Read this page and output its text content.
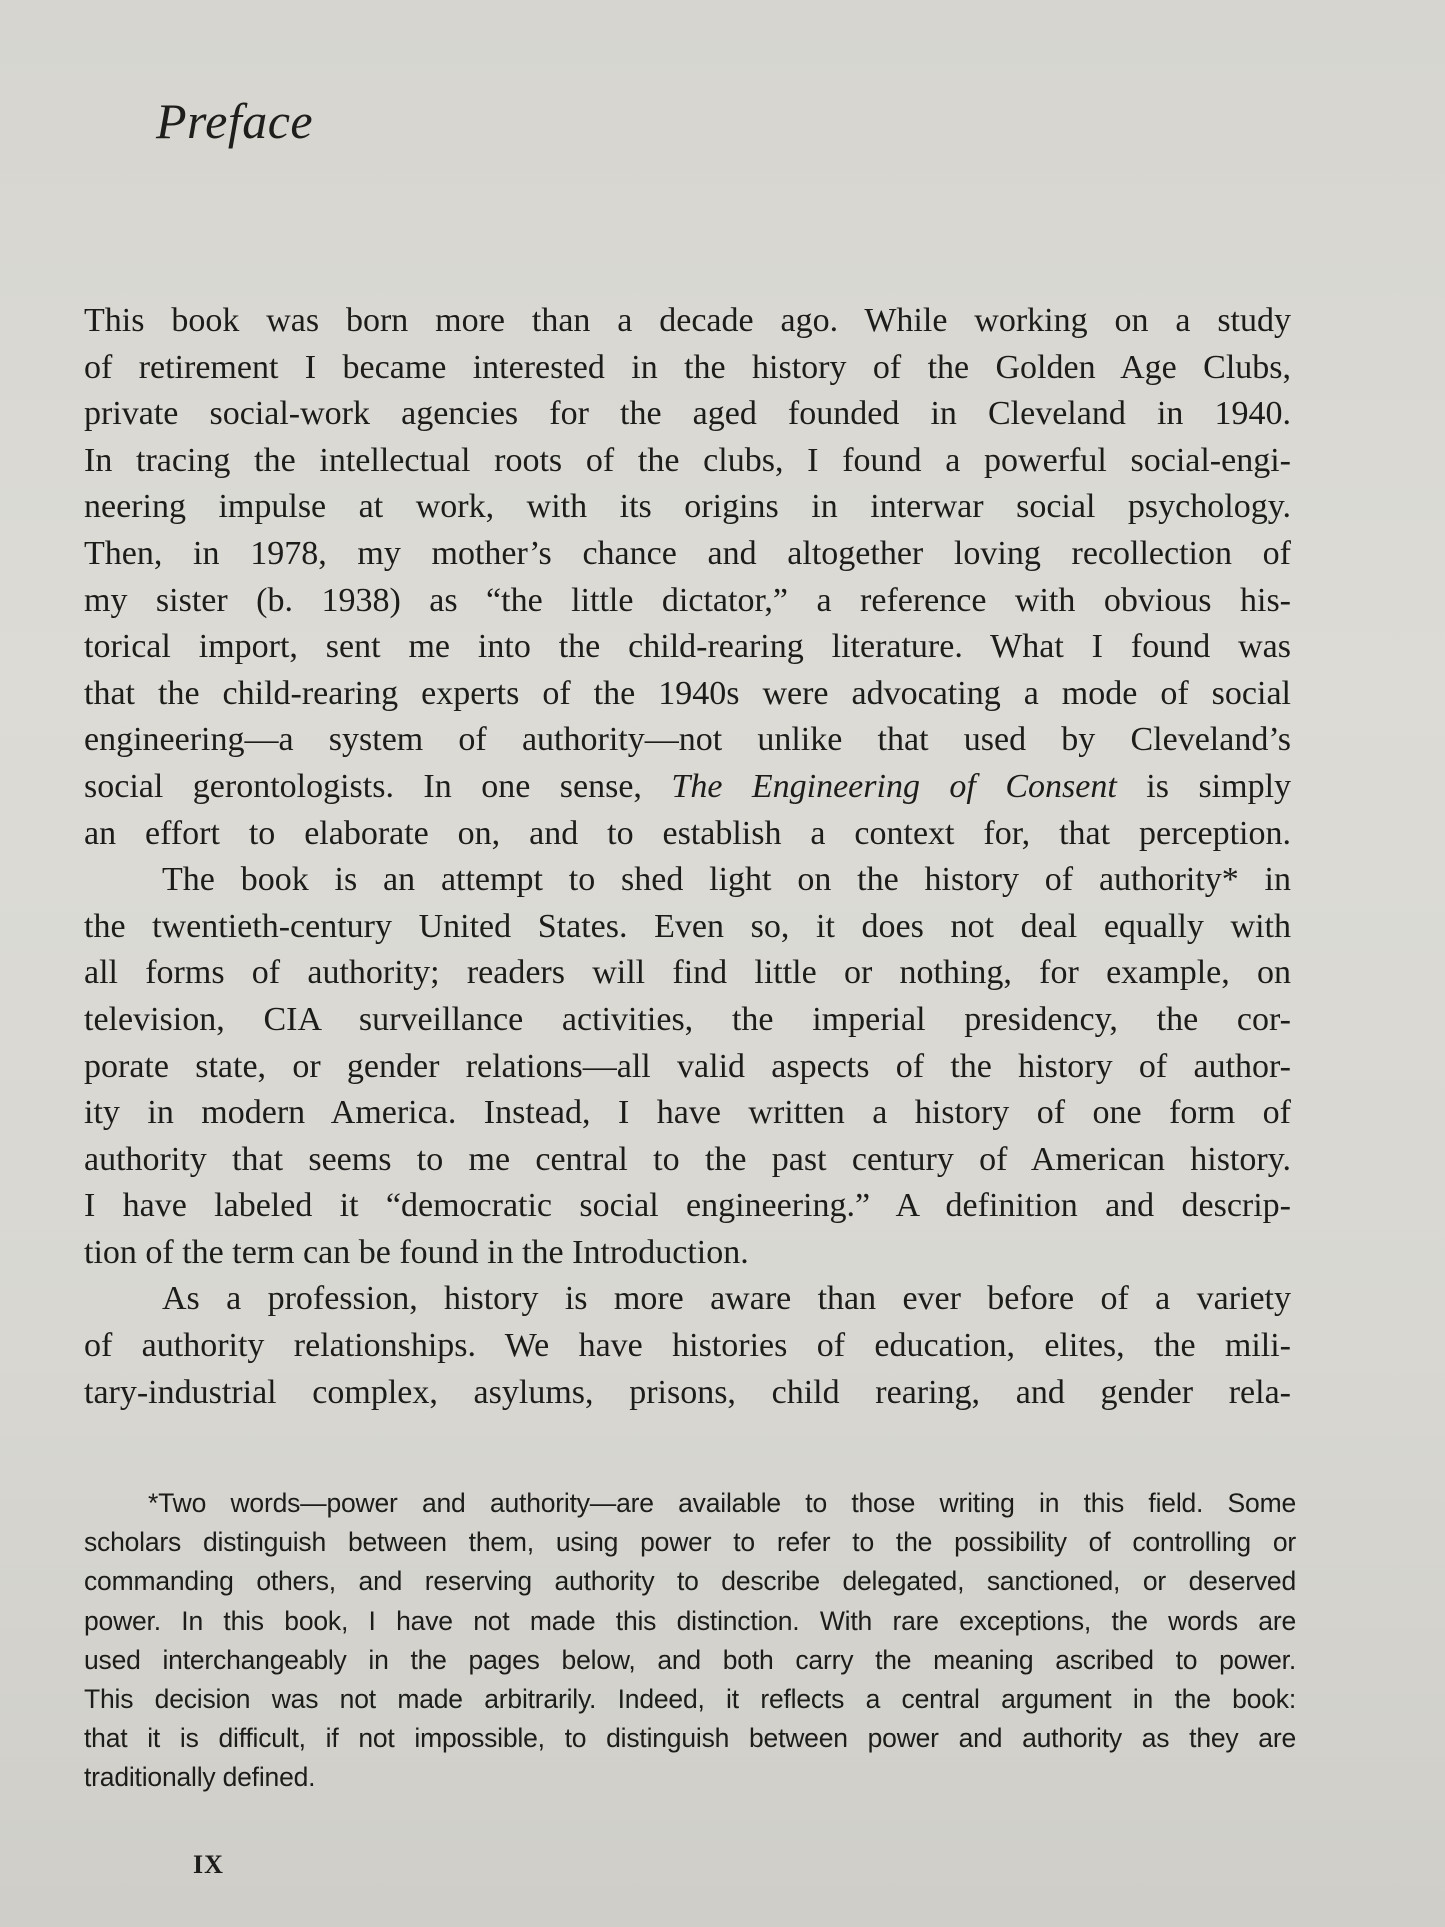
Preface
This book was born more than a decade ago. While working on a study
of retirement I became interested in the history of the Golden Age Clubs,
private social-work agencies for the aged founded in Cleveland in 1940.
In tracing the intellectual roots of the clubs, I found a powerful social-engi-
neering impulse at work, with its origins in interwar social psychology.
Then, in 1978, my mother’s chance and altogether loving recollection of
my sister (b. 1938) as “the little dictator,” a reference with obvious his-
torical import, sent me into the child-rearing literature. What I found was
that the child-rearing experts of the 1940s were advocating a mode of social
engineering—a system of authority—not unlike that used by Cleveland’s
social gerontologists. In one sense, The Engineering of Consent is simply
an effort to elaborate on, and to establish a context for, that perception.
The book is an attempt to shed light on the history of authority* in
the twentieth-century United States. Even so, it does not deal equally with
all forms of authority; readers will find little or nothing, for example, on
television, CIA surveillance activities, the imperial presidency, the cor-
porate state, or gender relations—all valid aspects of the history of author-
ity in modern America. Instead, I have written a history of one form of
authority that seems to me central to the past century of American history.
I have labeled it “democratic social engineering.” A definition and descrip-
tion of the term can be found in the Introduction.
As a profession, history is more aware than ever before of a variety
of authority relationships. We have histories of education, elites, the mili-
tary-industrial complex, asylums, prisons, child rearing, and gender rela-
*Two words—power and authority—are available to those writing in this field. Some
scholars distinguish between them, using power to refer to the possibility of controlling or
commanding others, and reserving authority to describe delegated, sanctioned, or deserved
power. In this book, I have not made this distinction. With rare exceptions, the words are
used interchangeably in the pages below, and both carry the meaning ascribed to power.
This decision was not made arbitrarily. Indeed, it reflects a central argument in the book:
that it is difficult, if not impossible, to distinguish between power and authority as they are
traditionally defined.
IX
